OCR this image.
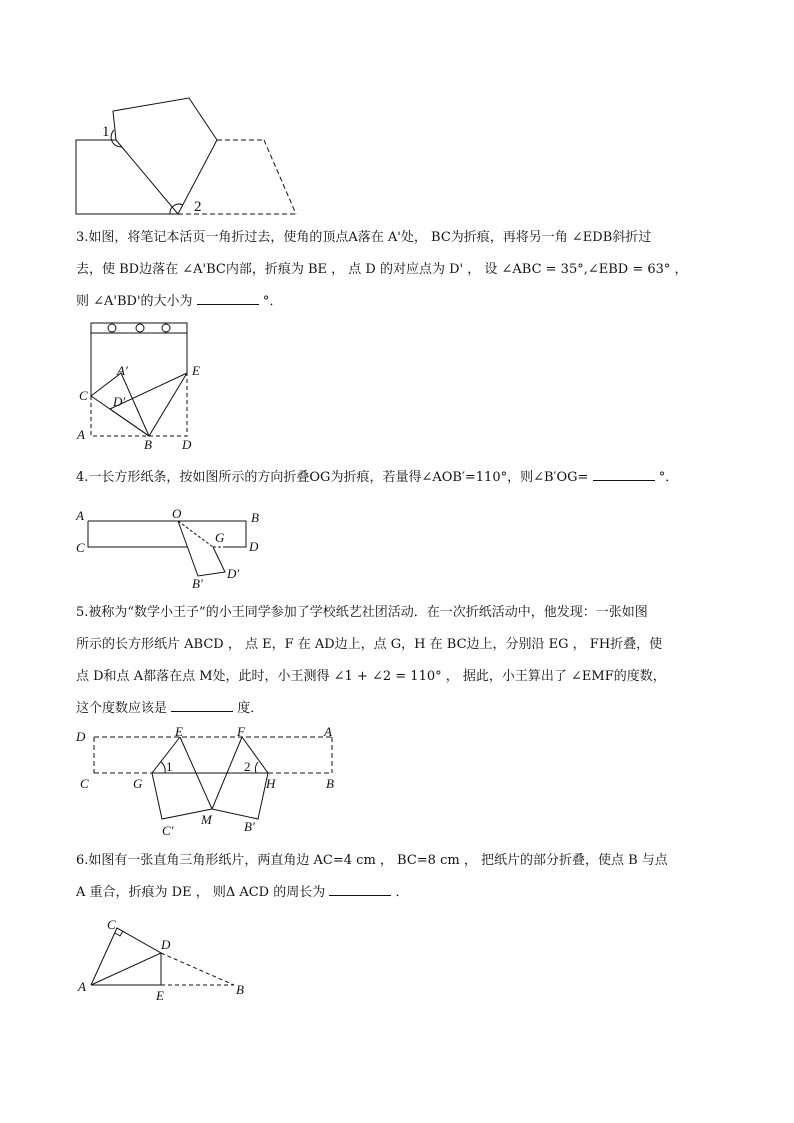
1
2

3.如图，将笔记本活页一角折过去，使角的顶点A落在 A'处， BC为折痕，再将另一角 ∠EDB斜折过
去，使 BD边落在 ∠A'BC内部，折痕为 BE ， 点 D 的对应点为 D' ， 设 ∠ABC = 35°,∠EBD = 63° ，
则 ∠A'BD'的大小为	°．

C
A′
D′
E
A
B D

4.一长方形纸条，按如图所示的方向折叠OG为折痕，若量得∠AOB′=110°，则∠B′OG=	°．

A	O	B
C
G
D
B′
D′

5.被称为“数学小王子”的小王同学参加了学校纸艺社团活动．在一次折纸活动中，他发现：一张如图
所示的长方形纸片 ABCD ， 点 E，F 在 AD边上，点 G，H 在 BC边上，分别沿 EG ， FH折叠，使
点 D和点 A都落在点 M处，此时，小王测得 ∠1 + ∠2 = 110° ， 据此，小王算出了 ∠EMF的度数，
这个度数应该是	度．

D	E	F	A
C	G
1	2
H	B
C′
M B′

6.如图有一张直角三角形纸片，两直角边 AC=4 cm ， BC=8 cm ， 把纸片的部分折叠，使点 B 与点
A 重合，折痕为 DE ， 则Δ ACD 的周长为	．

C
D
A
E	B
